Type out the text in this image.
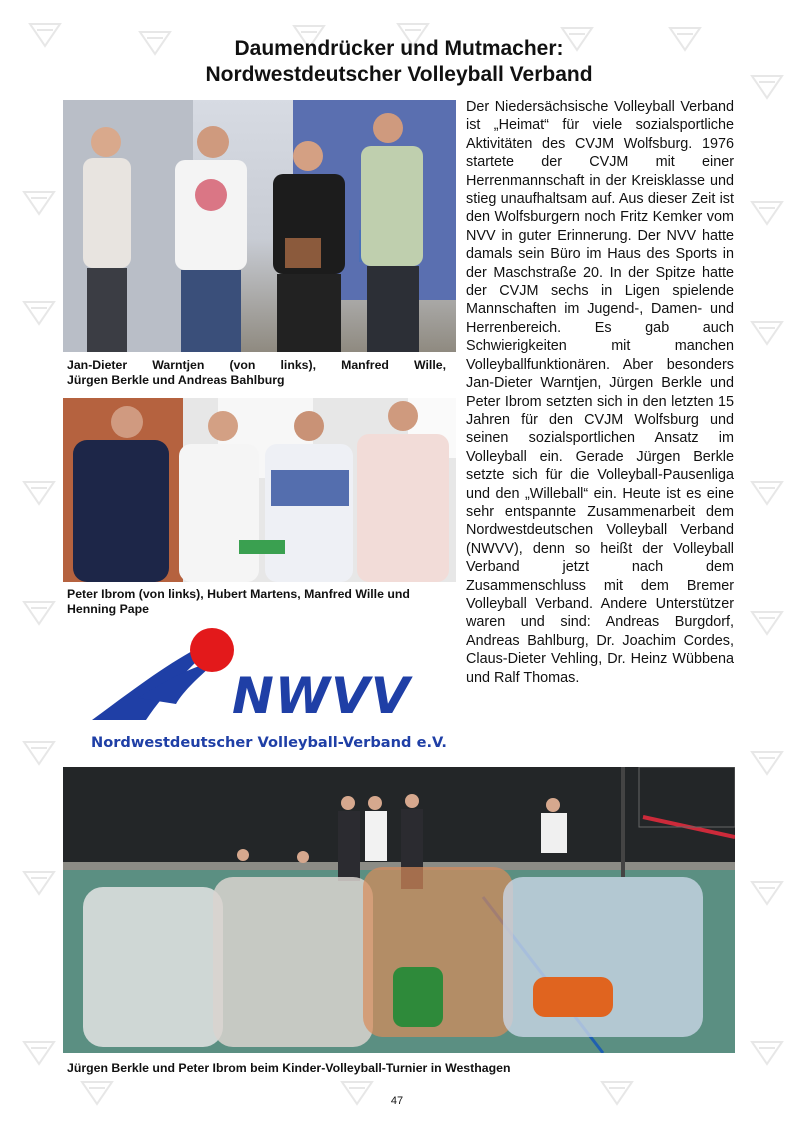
Daumendrücker und Mutmacher:
Nordwestdeutscher Volleyball Verband
Jan-Dieter Warntjen (von links), Manfred Wille,
Jürgen Berkle und Andreas Bahlburg
Peter Ibrom (von links), Hubert Martens, Manfred Wille und
Henning Pape
NWVV
Nordwestdeutscher Volleyball-Verband e.V.
Der Niedersächsische Volleyball Verband ist „Heimat“ für viele sozialsportliche Aktivitäten des CVJM Wolfsburg. 1976 startete der CVJM mit einer Herrenmannschaft in der Kreisklasse und stieg unaufhaltsam auf. Aus dieser Zeit ist den Wolfsburgern noch Fritz Kemker vom NVV in guter Erinnerung. Der NVV hatte damals sein Büro im Haus des Sports in der Maschstraße 20. In der Spitze hatte der CVJM sechs in Ligen spielende Mannschaften im Jugend-, Damen- und Herrenbereich. Es gab auch Schwierigkeiten mit manchen Volleyballfunktionären. Aber besonders Jan-Dieter Warntjen, Jürgen Berkle und Peter Ibrom setzten sich in den letzten 15 Jahren für den CVJM Wolfsburg und seinen sozialsportlichen Ansatz im Volleyball ein. Gerade Jürgen Berkle setzte sich für die Volleyball-Pausenliga und den „Willeball“ ein. Heute ist es eine sehr entspannte Zusammenarbeit dem Nordwestdeutschen Volleyball Verband (NWVV), denn so heißt der Volleyball Verband jetzt nach dem Zusammenschluss mit dem Bremer Volleyball Verband. Andere Unterstützer waren und sind: Andreas Burgdorf, Andreas Bahlburg, Dr. Joachim Cordes, Claus-Dieter Vehling, Dr. Heinz Wübbena und Ralf Thomas.
Jürgen Berkle und Peter Ibrom beim Kinder-Volleyball-Turnier in Westhagen
47
